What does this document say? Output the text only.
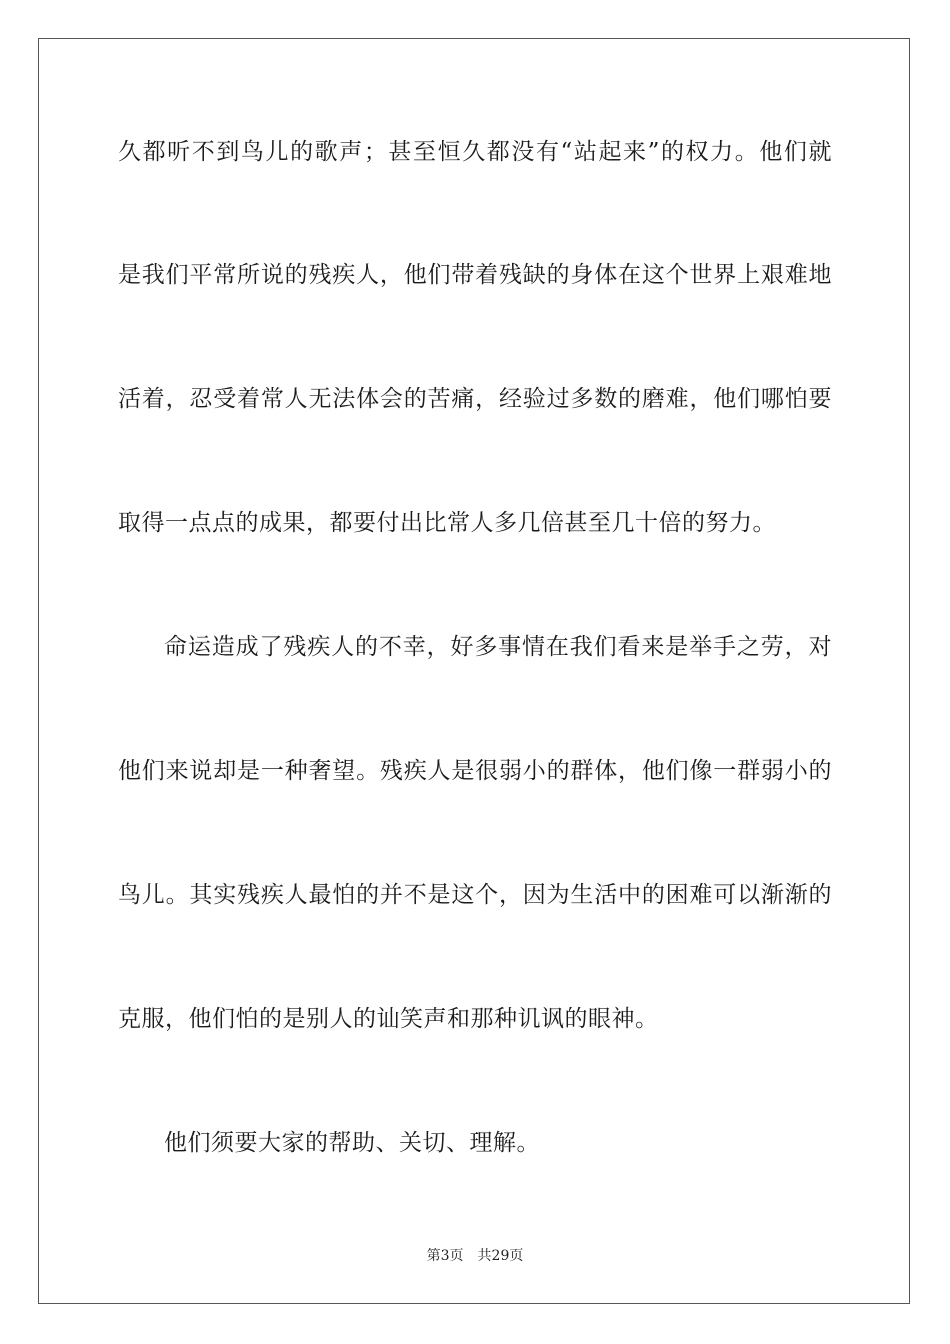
久都听不到鸟儿的歌声；甚至恒久都没有“站起来”的权力。他们就
是我们平常所说的残疾人，他们带着残缺的身体在这个世界上艰难地
活着，忍受着常人无法体会的苦痛，经验过多数的磨难，他们哪怕要
取得一点点的成果，都要付出比常人多几倍甚至几十倍的努力。
命运造成了残疾人的不幸，好多事情在我们看来是举手之劳，对
他们来说却是一种奢望。残疾人是很弱小的群体，他们像一群弱小的
鸟儿。其实残疾人最怕的并不是这个，因为生活中的困难可以渐渐的
克服，他们怕的是别人的讪笑声和那种讥讽的眼神。
他们须要大家的帮助、关切、理解。
第3页 共29页
